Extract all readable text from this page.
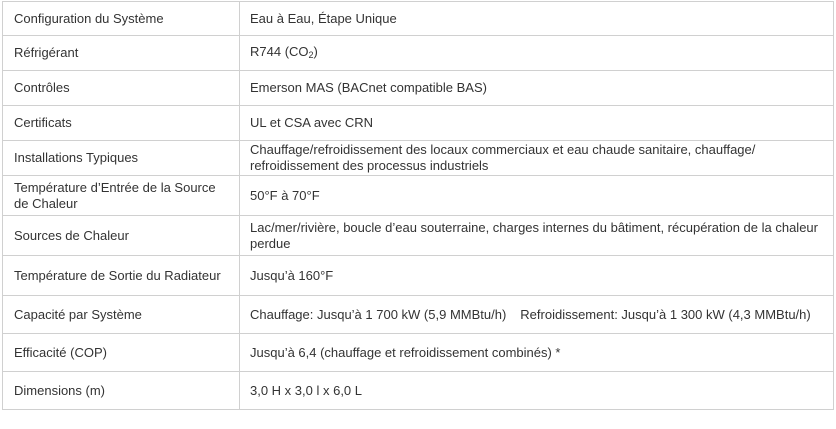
Configuration du Système	Eau à Eau, Étape Unique
Réfrigérant	R744 $(CO_2)$
Contrôles	Emerson MAS (BACnet compatible BAS)
Certificats	UL et CSA avec CRN
Installations Typiques	Chauffage/refroidissement des locaux commerciaux et eau chaude sanitaire, chauffage/ refroidissement des processus industriels
Température d’Entrée de la Source de Chaleur	50°F à 70°F
Sources de Chaleur	Lac/mer/rivière, boucle d’eau souterraine, charges internes du bâtiment, récupération de la chaleur perdue
Température de Sortie du Radiateur	Jusqu’à 160°F
Capacité par Système	Chauffage: Jusqu’à 1 700 kW (5,9 MMBtu/h) Refroidissement: Jusqu’à 1 300 kW (4,3 MMBtu/h)
Efficacité (COP)	Jusqu’à 6,4 (chauffage et refroidissement combinés) *
Dimensions (m)	3,0 H x 3,0 l x 6,0 L
